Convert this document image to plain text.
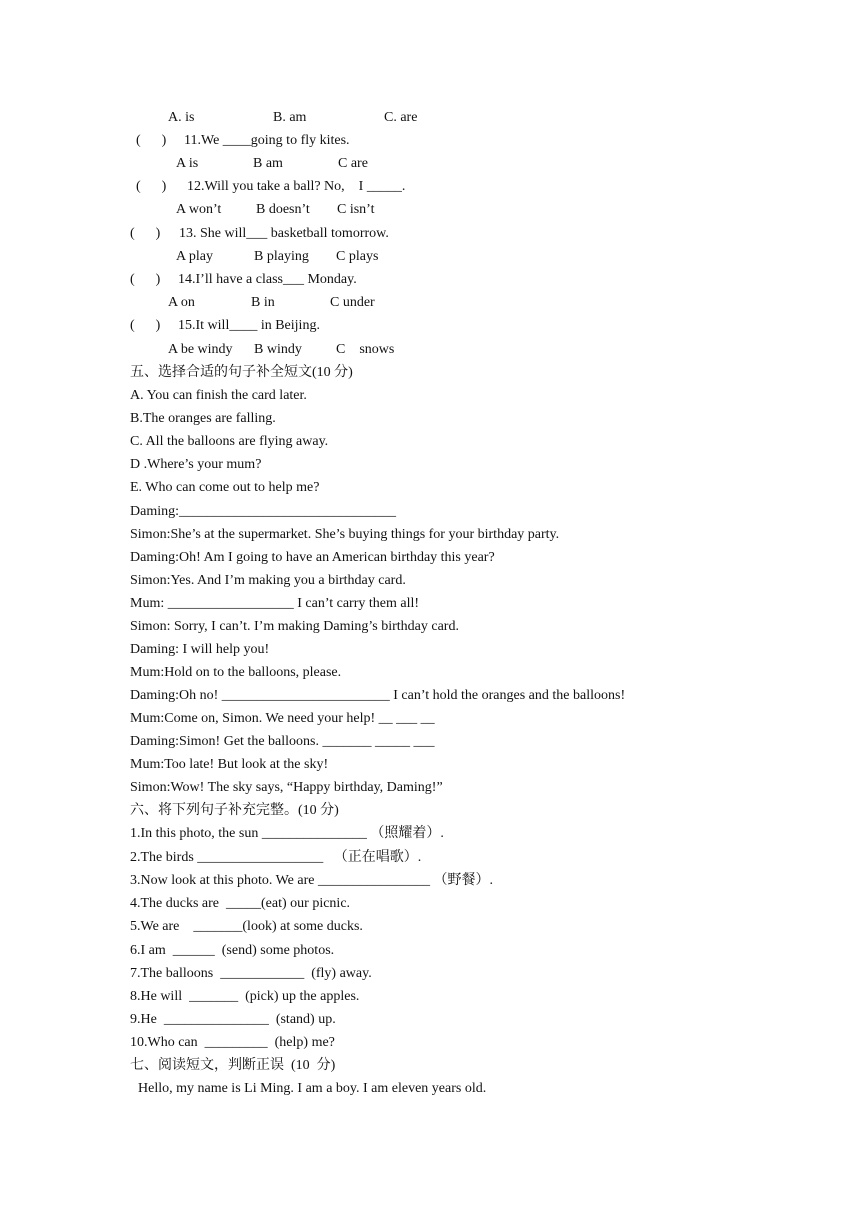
A. is	B. am	C. are
(      ) 11.We ____going to fly kites.
A is	B am	C are
(      ) 12.Will you take a ball? No,    I _____.
A won’t B doesn’t C isn’t
(      ) 13. She will___ basketball tomorrow.
A play	B playing C plays
(      ) 14.I’ll have a class___ Monday.
A on	B in	C under
(      ) 15.It will____ in Beijing.
A be windy B windy C    snows
五、选择合适的句子补全短文(10 分)
A. You can finish the card later.
B.The oranges are falling.
C. All the balloons are flying away.
D .Where’s your mum?
E. Who can come out to help me?
Daming:_______________________________
Simon:She’s at the supermarket. She’s buying things for your birthday party.
Daming:Oh! Am I going to have an American birthday this year?
Simon:Yes. And I’m making you a birthday card.
Mum: __________________ I can’t carry them all!
Simon: Sorry, I can’t. I’m making Daming’s birthday card.
Daming: I will help you!
Mum:Hold on to the balloons, please.
Daming:Oh no! ________________________ I can’t hold the oranges and the balloons!
Mum:Come on, Simon. We need your help! __ ___ __
Daming:Simon! Get the balloons. _______ _____ ___
Mum:Too late! But look at the sky!
Simon:Wow! The sky says, “Happy birthday, Daming!”
六、将下列句子补充完整。(10 分)
1.In this photo, the sun _______________ （照耀着）.
2.The birds __________________   （正在唱歌）.
3.Now look at this photo. We are ________________ （野餐）.
4.The ducks are  _____(eat) our picnic.
5.We are    _______(look) at some ducks.
6.I am  ______  (send) some photos.
7.The balloons  ____________  (fly) away.
8.He will  _______  (pick) up the apples.
9.He  _______________  (stand) up.
10.Who can  _________  (help) me?
七、阅读短文，判断正误  (10  分)
Hello, my name is Li Ming. I am a boy. I am eleven years old.
